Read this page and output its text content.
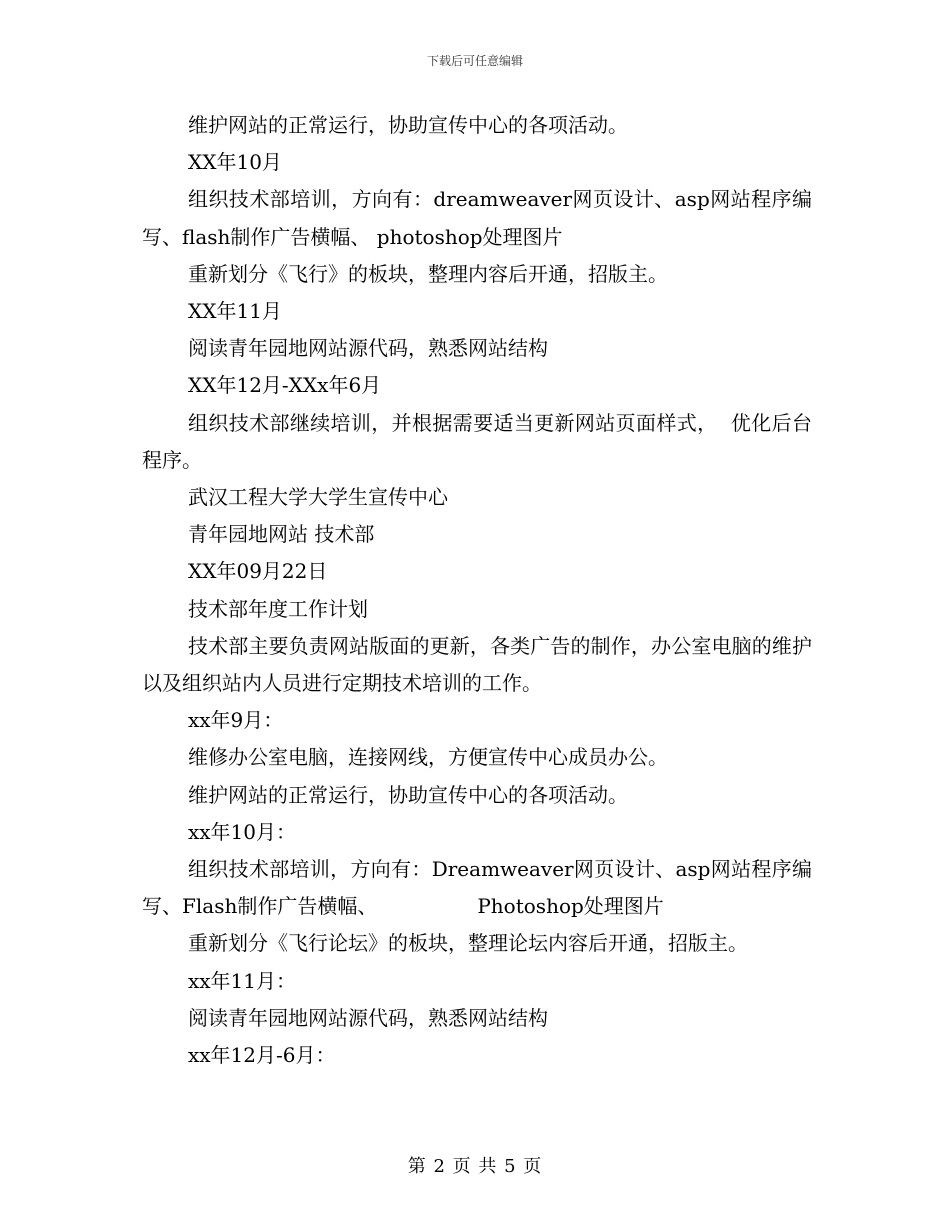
下载后可任意编辑

维护网站的正常运行，协助宣传中心的各项活动。

XX年10月

组织技术部培训，方向有：dreamweaver网页设计、asp网站程序编写、flash制作广告横幅、 photoshop处理图片

重新划分《飞行》的板块，整理内容后开通，招版主。

XX年11月

阅读青年园地网站源代码，熟悉网站结构

XX年12月-XXx年6月

组织技术部继续培训，并根据需要适当更新网站页面样式，  优化后台程序。

武汉工程大学大学生宣传中心

青年园地网站 技术部

XX年09月22日

技术部年度工作计划

技术部主要负责网站版面的更新，各类广告的制作，办公室电脑的维护以及组织站内人员进行定期技术培训的工作。

xx年9月：

维修办公室电脑，连接网线，方便宣传中心成员办公。

维护网站的正常运行，协助宣传中心的各项活动。

xx年10月：

组织技术部培训，方向有：Dreamweaver网页设计、asp网站程序编写、Flash制作广告横幅、	Photoshop处理图片

重新划分《飞行论坛》的板块，整理论坛内容后开通，招版主。

xx年11月：

阅读青年园地网站源代码，熟悉网站结构

xx年12月-6月：

第 2 页 共 5 页
